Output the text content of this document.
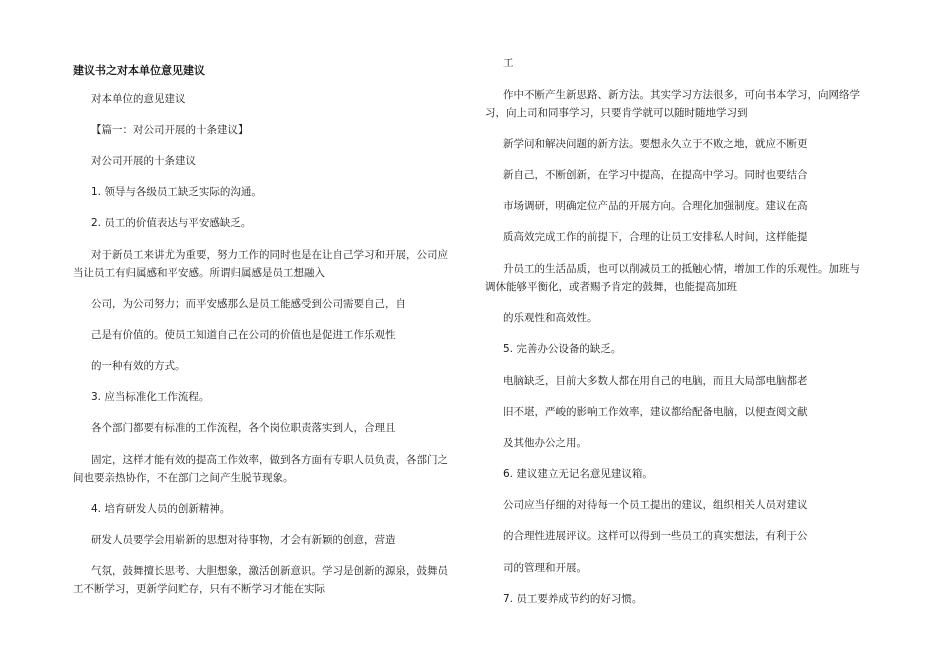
建议书之对本单位意见建议
对本单位的意见建议
【篇一：对公司开展的十条建议】
对公司开展的十条建议
1. 领导与各级员工缺乏实际的沟通。
2. 员工的价值表达与平安感缺乏。
对于新员工来讲尤为重要，努力工作的同时也是在让自己学习和开展，公司应
当让员工有归属感和平安感。所谓归属感是员工想融入
公司，为公司努力；而平安感那么是员工能感受到公司需要自己，自
己是有价值的。使员工知道自己在公司的价值也是促进工作乐观性
的一种有效的方式。
3. 应当标准化工作流程。
各个部门都要有标准的工作流程，各个岗位职责落实到人，合理且
固定，这样才能有效的提高工作效率，做到各方面有专职人员负责，各部门之
间也要亲热协作，不在部门之间产生脱节现象。
4. 培育研发人员的创新精神。
研发人员要学会用崭新的思想对待事物，才会有新颖的创意，营造
气氛，鼓舞擅长思考、大胆想象，激活创新意识。学习是创新的源泉，鼓舞员
工不断学习，更新学问贮存，只有不断学习才能在实际
工
作中不断产生新思路、新方法。其实学习方法很多，可向书本学习，向网络学
习，向上司和同事学习，只要肯学就可以随时随地学习到
新学问和解决问题的新方法。要想永久立于不败之地，就应不断更
新自己，不断创新，在学习中提高，在提高中学习。同时也要结合
市场调研，明确定位产品的开展方向。合理化加强制度。建议在高
质高效完成工作的前提下，合理的让员工安排私人时间，这样能提
升员工的生活品质，也可以削减员工的抵触心情，增加工作的乐观性。加班与
调休能够平衡化，或者赐予肯定的鼓舞，也能提高加班
的乐观性和高效性。
5. 完善办公设备的缺乏。
电脑缺乏，目前大多数人都在用自己的电脑，而且大局部电脑都老
旧不堪，严峻的影响工作效率，建议都给配备电脑，以便查阅文献
及其他办公之用。
6. 建议建立无记名意见建议箱。
公司应当仔细的对待每一个员工提出的建议，组织相关人员对建议
的合理性进展评议。这样可以得到一些员工的真实想法，有利于公
司的管理和开展。
7. 员工要养成节约的好习惯。
